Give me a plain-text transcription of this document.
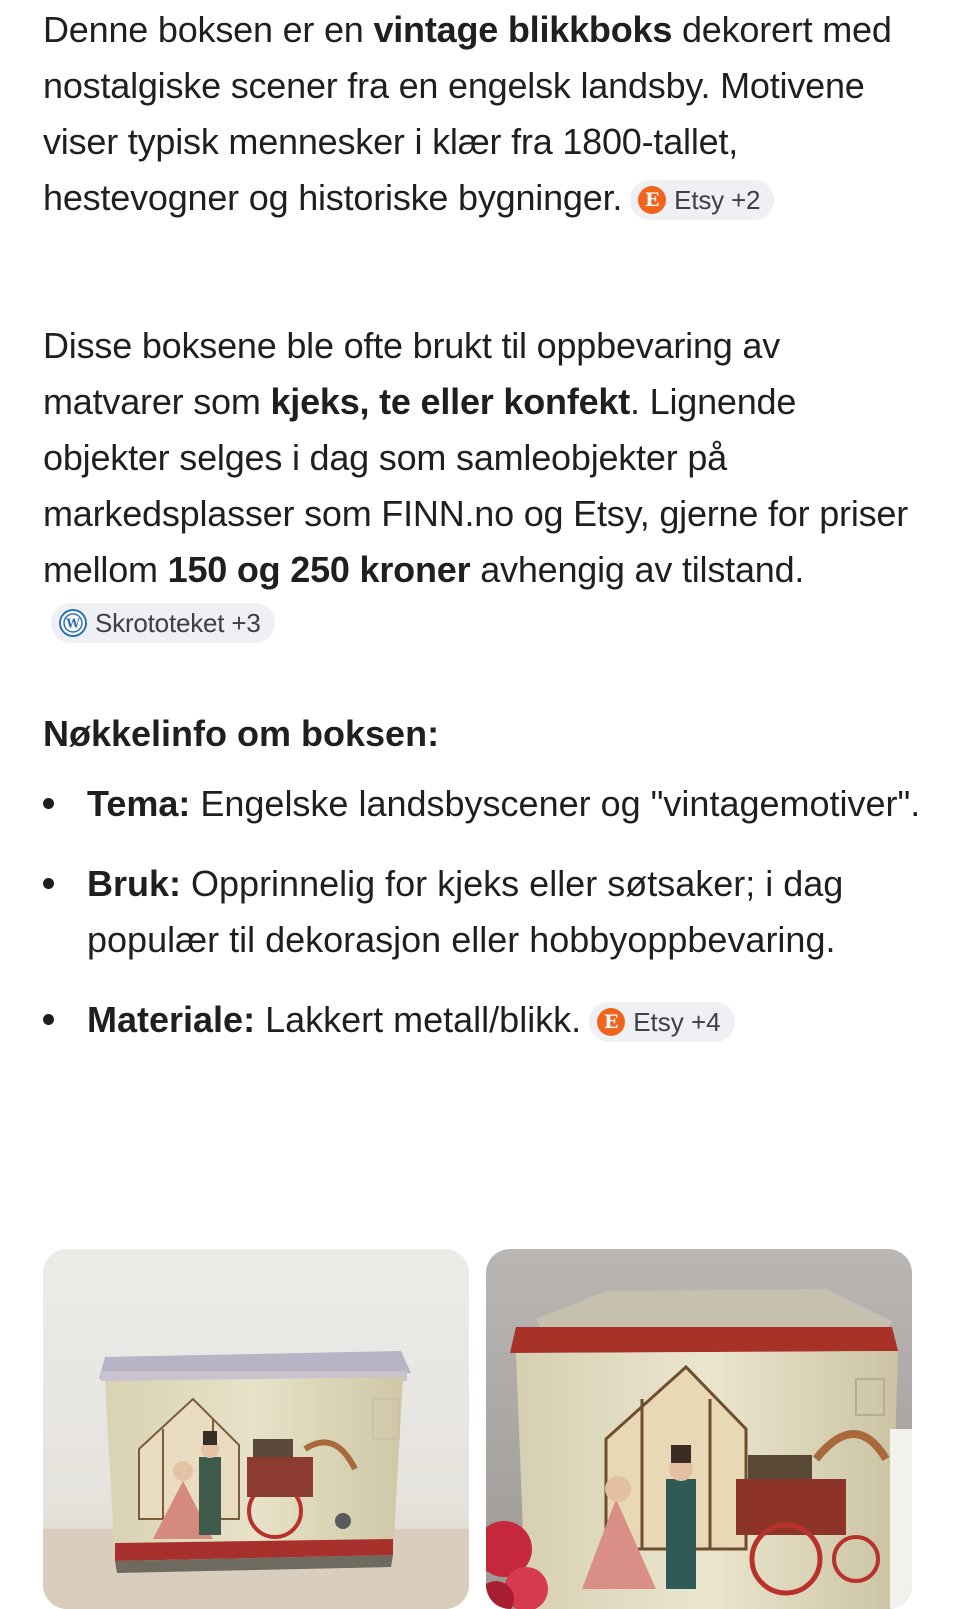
Denne boksen er en vintage blikkboks dekorert med nostalgiske scener fra en engelsk landsby. Motivene viser typisk mennesker i klær fra 1800-tallet, hestevogner og historiske bygninger.	E Etsy +2

Disse boksene ble ofte brukt til oppbevaring av matvarer som kjeks, te eller konfekt. Lignende objekter selges i dag som samleobjekter på markedsplasser som FINN.no og Etsy, gjerne for priser mellom 150 og 250 kroner avhengig av tilstand.
W Skrototeket +3

Nøkkelinfo om boksen:
Tema: Engelske landsbyscener og "vintagemotiver".
Bruk: Opprinnelig for kjeks eller søtsaker; i dag populær til dekorasjon eller hobbyoppbevaring.
Materiale: Lakkert metall/blikk.	E Etsy +4
